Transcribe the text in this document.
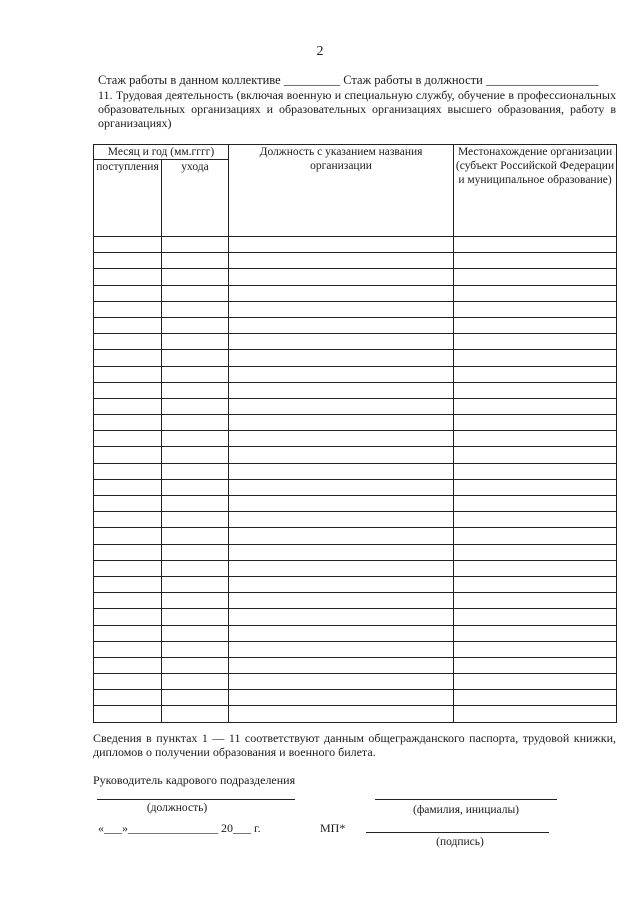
2
Стаж работы в данном коллективе _________ Стаж работы в должности __________________
11. Трудовая деятельность (включая военную и специальную службу, обучение в профессиональных образовательных организациях и образовательных организациях высшего образования, работу в организациях)
Месяц и год (мм.гггг)		Должность с указанием названия организации	Местонахождение организации (субъект Российской Федерации и муниципальное образование)
поступления	ухода		

Сведения в пунктах 1 — 11 соответствуют данным общегражданского паспорта, трудовой книжки, дипломов о получении образования и военного билета.
Руководитель кадрового подразделения
(должность)	(фамилия, инициалы)
«___»_______________ 20___ г.	МП*
(подпись)
